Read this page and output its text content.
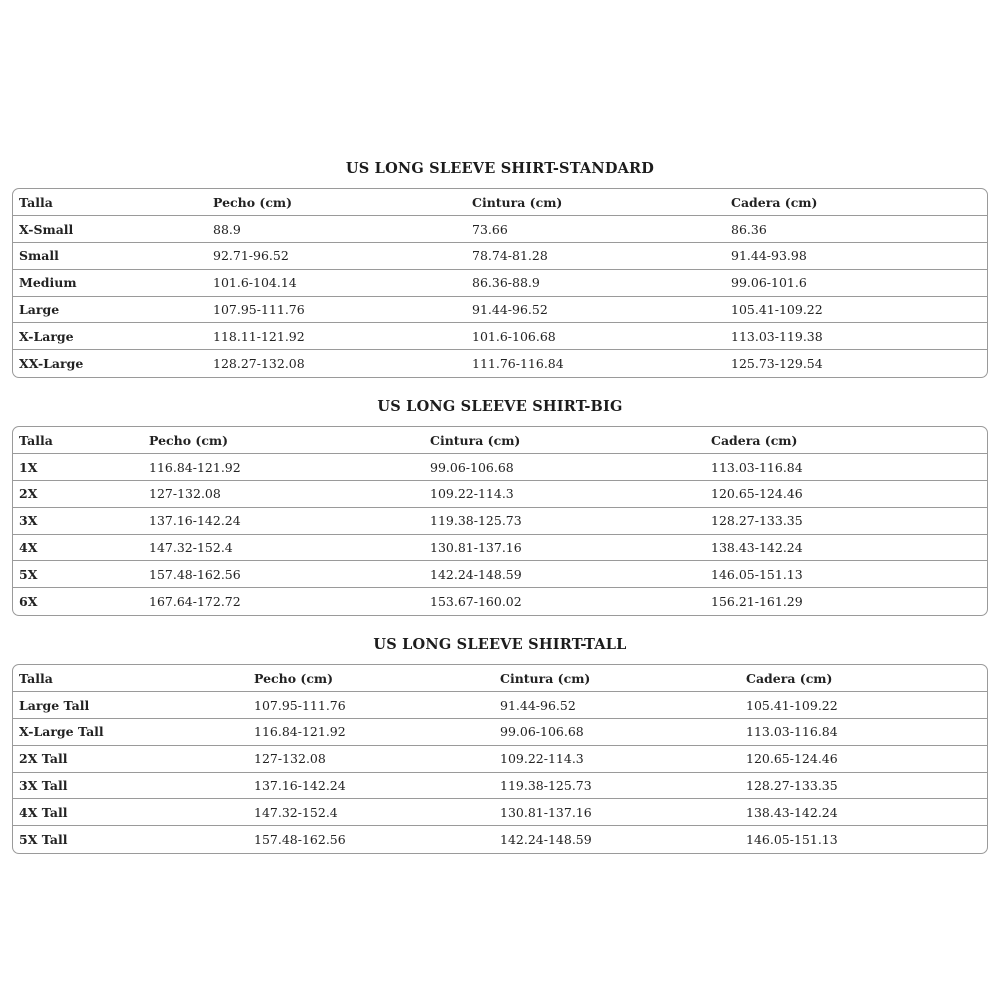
US LONG SLEEVE SHIRT-STANDARD
Talla	Pecho (cm)	Cintura (cm)	Cadera (cm)
X-Small	88.9	73.66	86.36
Small	92.71-96.52	78.74-81.28	91.44-93.98
Medium	101.6-104.14	86.36-88.9	99.06-101.6
Large	107.95-111.76	91.44-96.52	105.41-109.22
X-Large	118.11-121.92	101.6-106.68	113.03-119.38
XX-Large	128.27-132.08	111.76-116.84	125.73-129.54
US LONG SLEEVE SHIRT-BIG
Talla	Pecho (cm)	Cintura (cm)	Cadera (cm)
1X	116.84-121.92	99.06-106.68	113.03-116.84
2X	127-132.08	109.22-114.3	120.65-124.46
3X	137.16-142.24	119.38-125.73	128.27-133.35
4X	147.32-152.4	130.81-137.16	138.43-142.24
5X	157.48-162.56	142.24-148.59	146.05-151.13
6X	167.64-172.72	153.67-160.02	156.21-161.29
US LONG SLEEVE SHIRT-TALL
Talla	Pecho (cm)	Cintura (cm)	Cadera (cm)
Large Tall	107.95-111.76	91.44-96.52	105.41-109.22
X-Large Tall	116.84-121.92	99.06-106.68	113.03-116.84
2X Tall	127-132.08	109.22-114.3	120.65-124.46
3X Tall	137.16-142.24	119.38-125.73	128.27-133.35
4X Tall	147.32-152.4	130.81-137.16	138.43-142.24
5X Tall	157.48-162.56	142.24-148.59	146.05-151.13
